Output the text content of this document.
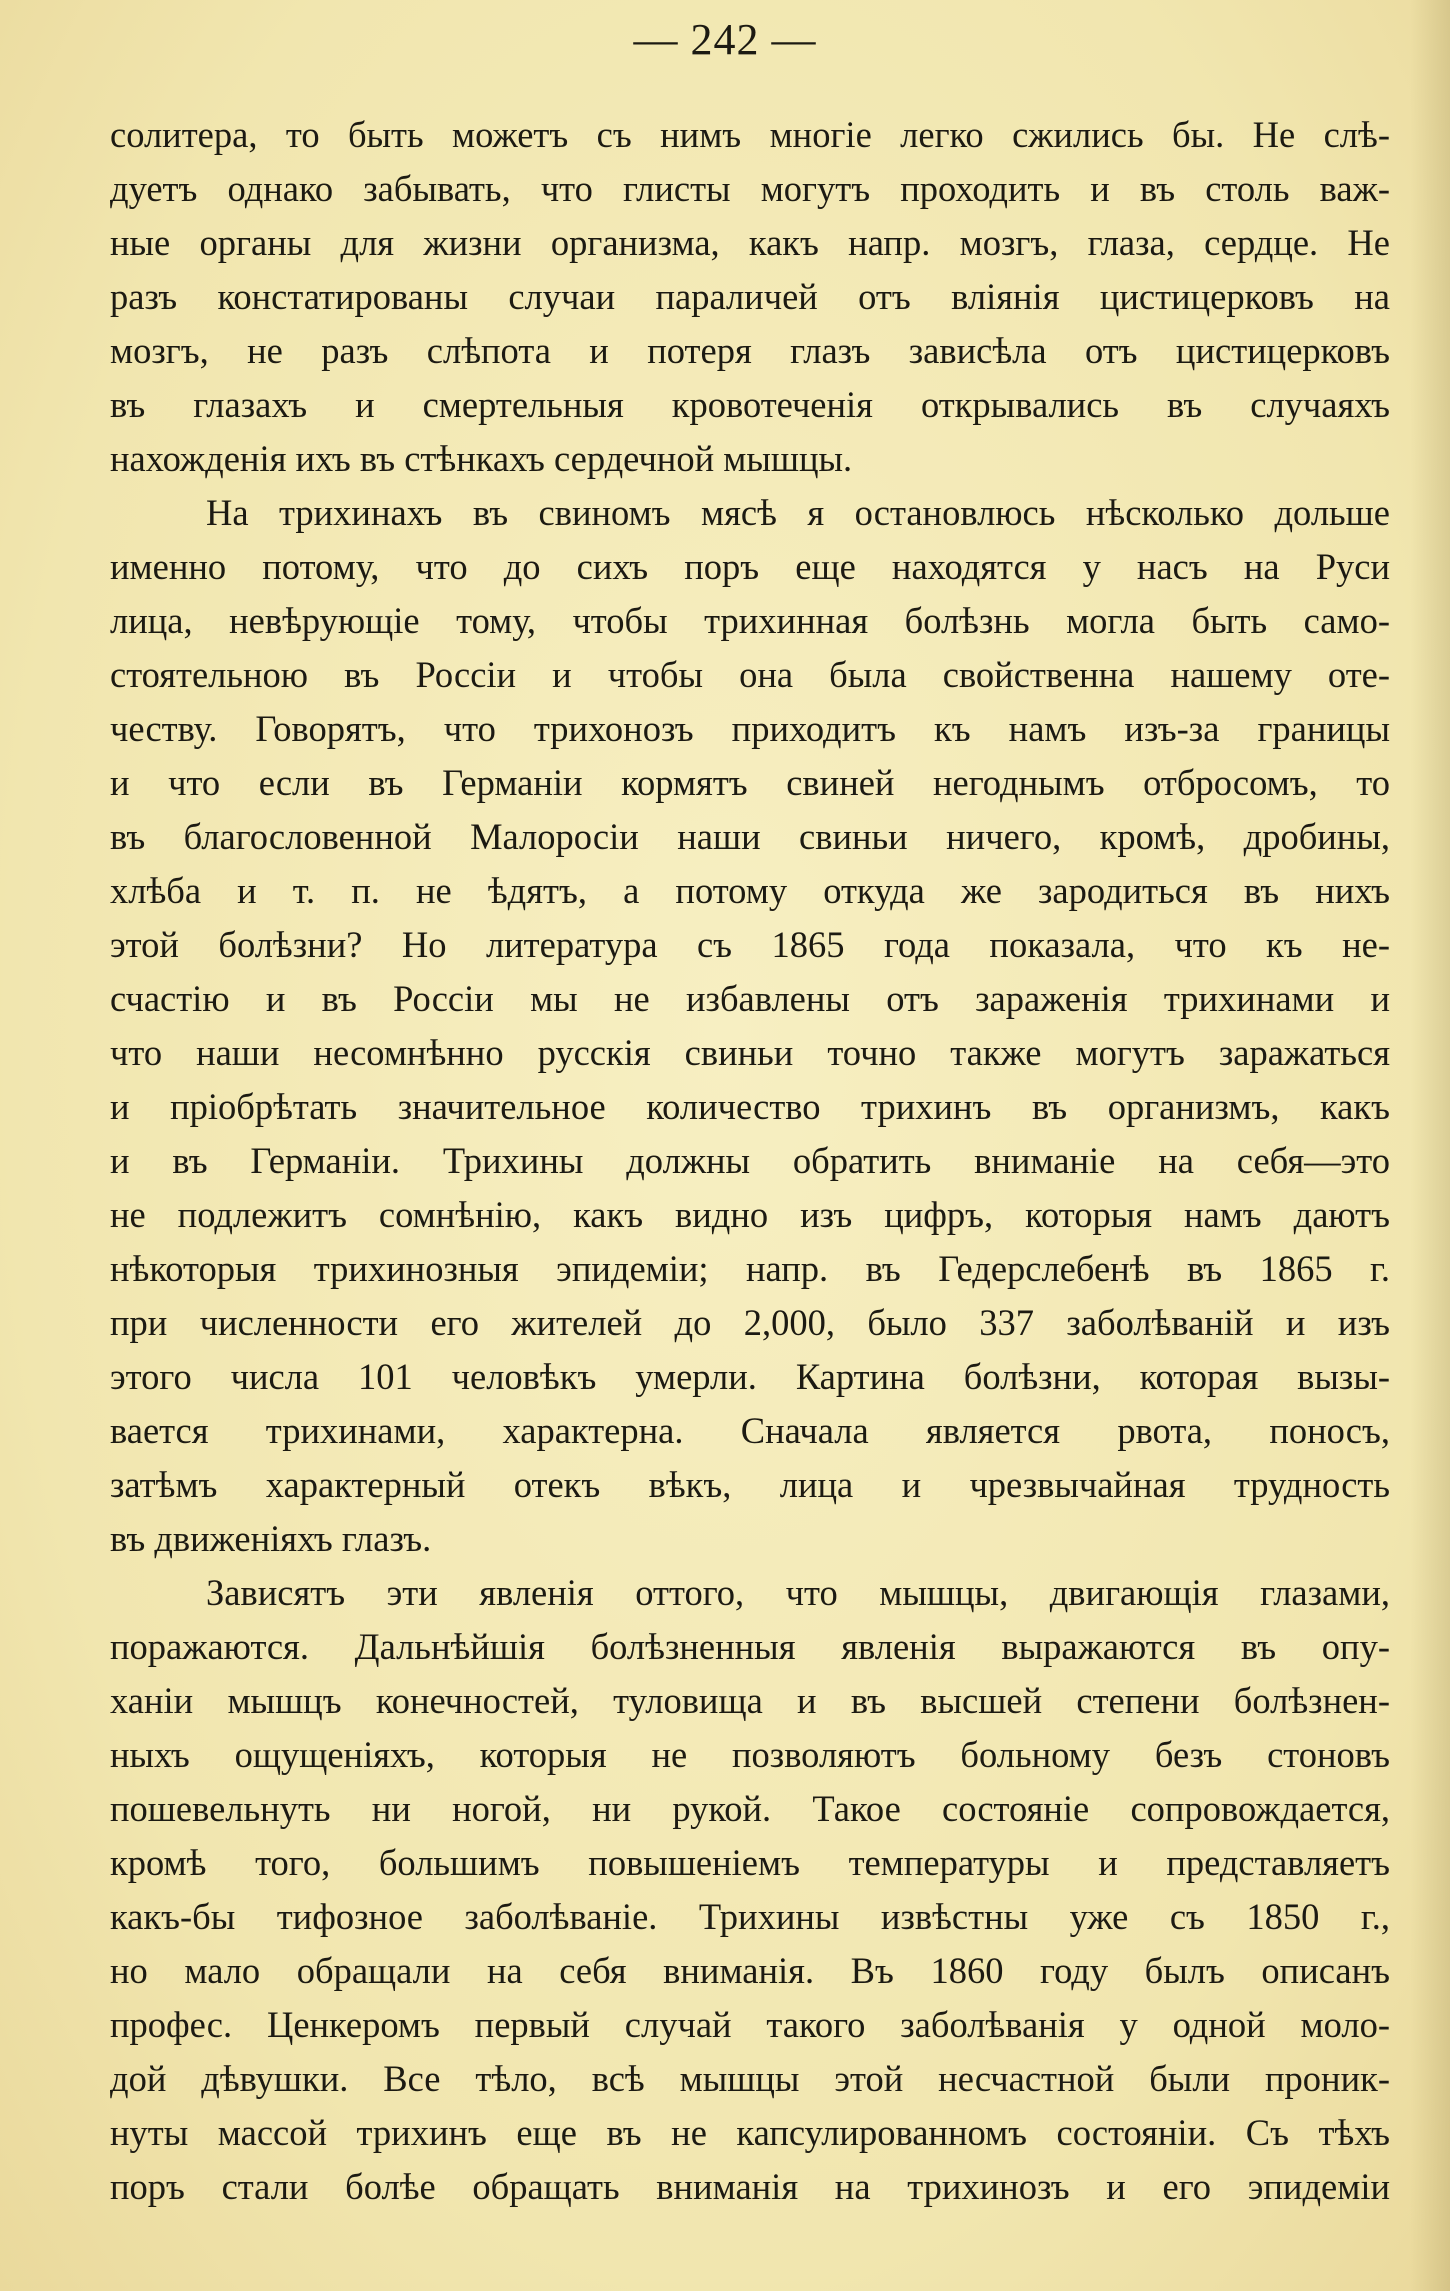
— 242 —
солитера, то быть можетъ съ нимъ многіе легко сжились бы. Не слѣ-
дуетъ однако забывать, что глисты могутъ проходить и въ столь важ-
ные органы для жизни организма, какъ напр. мозгъ, глаза, сердце. Не
разъ констатированы случаи параличей отъ вліянія цистицерковъ на
мозгъ, не разъ слѣпота и потеря глазъ зависѣла отъ цистицерковъ
въ глазахъ и смертельныя кровотеченія открывались въ случаяхъ
нахожденія ихъ въ стѣнкахъ сердечной мышцы.
На трихинахъ въ свиномъ мясѣ я остановлюсь нѣсколько дольше
именно потому, что до сихъ поръ еще находятся у насъ на Руси
лица, невѣрующіе тому, чтобы трихинная болѣзнь могла быть само-
стоятельною въ Россіи и чтобы она была свойственна нашему оте-
честву. Говорятъ, что трихонозъ приходитъ къ намъ изъ-за границы
и что если въ Германіи кормятъ свиней негоднымъ отбросомъ, то
въ благословенной Малоросіи наши свиньи ничего, кромѣ, дробины,
хлѣба и т. п. не ѣдятъ, а потому откуда же зародиться въ нихъ
этой болѣзни? Но литература съ 1865 года показала, что къ не-
счастію и въ Россіи мы не избавлены отъ зараженія трихинами и
что наши несомнѣнно русскія свиньи точно также могутъ заражаться
и пріобрѣтать значительное количество трихинъ въ организмъ, какъ
и въ Германіи. Трихины должны обратить вниманіе на себя—это
не подлежитъ сомнѣнію, какъ видно изъ цифръ, которыя намъ даютъ
нѣкоторыя трихинозныя эпидеміи; напр. въ Гедерслебенѣ въ 1865 г.
при численности его жителей до 2,000, было 337 заболѣваній и изъ
этого числа 101 человѣкъ умерли. Картина болѣзни, которая вызы-
вается трихинами, характерна. Сначала является рвота, поносъ,
затѣмъ характерный отекъ вѣкъ, лица и чрезвычайная трудность
въ движеніяхъ глазъ.
Зависятъ эти явленія оттого, что мышцы, двигающія глазами,
поражаются. Дальнѣйшія болѣзненныя явленія выражаются въ опу-
ханіи мышцъ конечностей, туловища и въ высшей степени болѣзнен-
ныхъ ощущеніяхъ, которыя не позволяютъ больному безъ стоновъ
пошевельнуть ни ногой, ни рукой. Такое состояніе сопровождается,
кромѣ того, большимъ повышеніемъ температуры и представляетъ
какъ-бы тифозное заболѣваніе. Трихины извѣстны уже съ 1850 г.,
но мало обращали на себя вниманія. Въ 1860 году былъ описанъ
профес. Ценкеромъ первый случай такого заболѣванія у одной моло-
дой дѣвушки. Все тѣло, всѣ мышцы этой несчастной были проник-
нуты массой трихинъ еще въ не капсулированномъ состояніи. Съ тѣхъ
поръ стали болѣе обращать вниманія на трихинозъ и его эпидеміи
